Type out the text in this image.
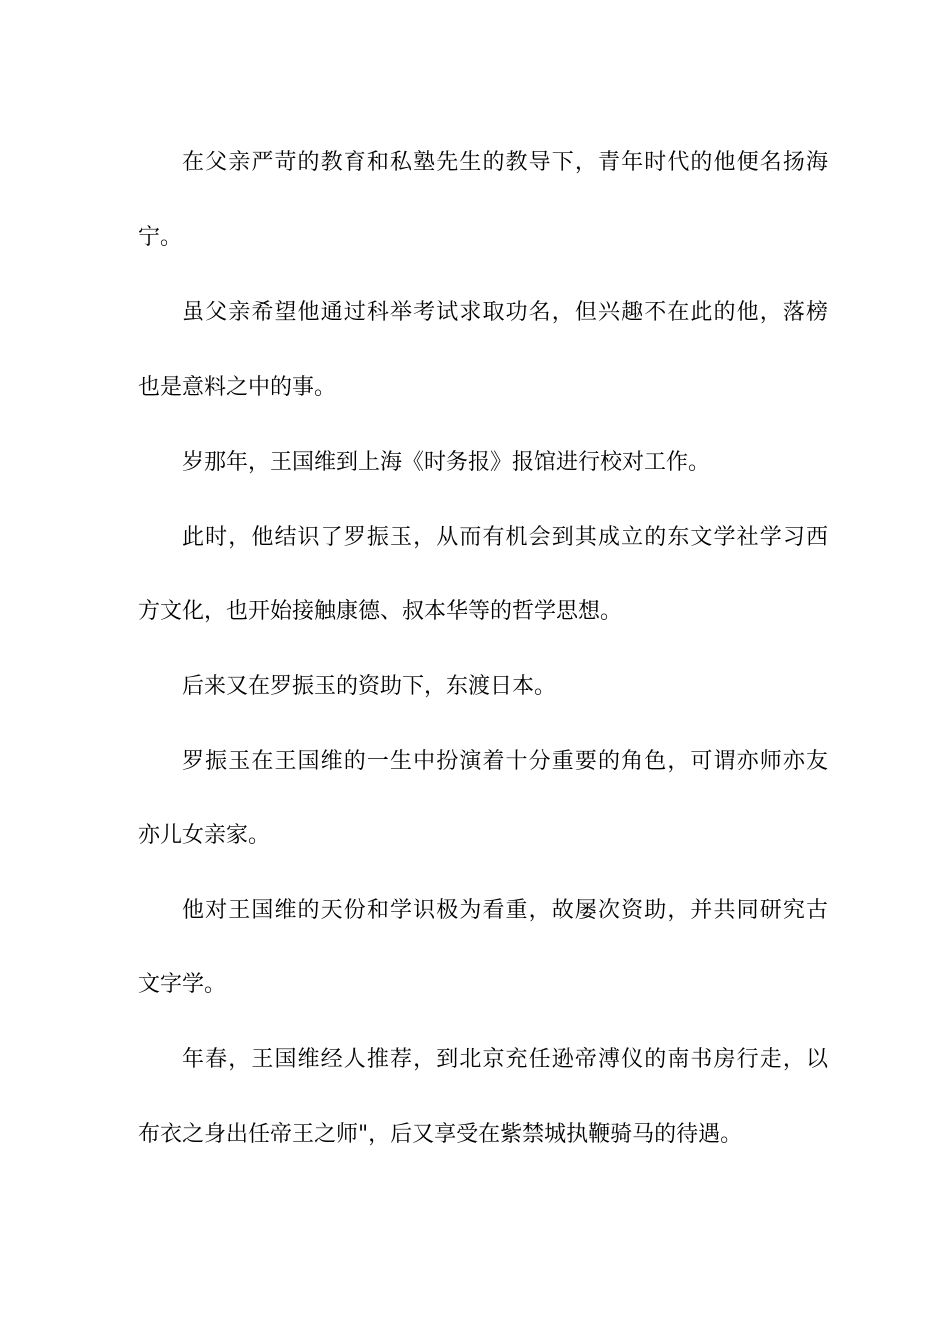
在父亲严苛的教育和私塾先生的教导下，青年时代的他便名扬海
宁。
虽父亲希望他通过科举考试求取功名，但兴趣不在此的他，落榜
也是意料之中的事。
岁那年，王国维到上海《时务报》报馆进行校对工作。
此时，他结识了罗振玉，从而有机会到其成立的东文学社学习西
方文化，也开始接触康德、叔本华等的哲学思想。
后来又在罗振玉的资助下，东渡日本。
罗振玉在王国维的一生中扮演着十分重要的角色，可谓亦师亦友
亦儿女亲家。
他对王国维的天份和学识极为看重，故屡次资助，并共同研究古
文字学。
年春，王国维经人推荐，到北京充任逊帝溥仪的南书房行走，以
布衣之身出任帝王之师"，后又享受在紫禁城执鞭骑马的待遇。
